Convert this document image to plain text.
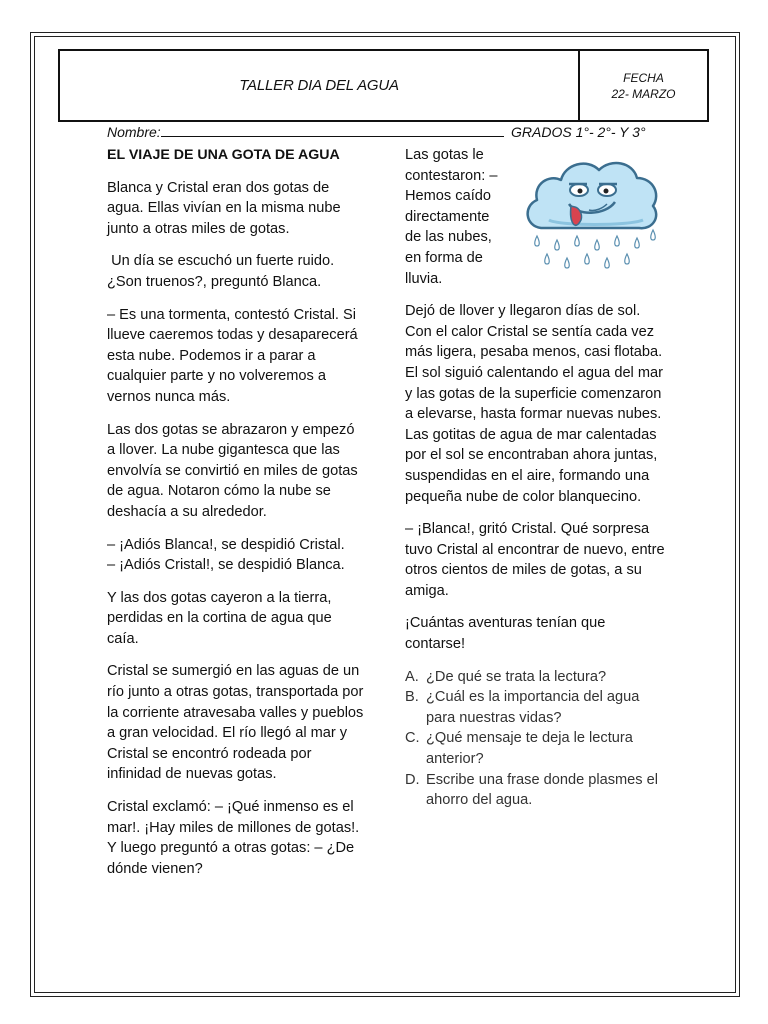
TALLER DIA DEL AGUA	FECHA
22- MARZO
Nombre:	GRADOS 1°- 2°- Y 3°

EL VIAJE DE UNA GOTA DE AGUA

Blanca y Cristal eran dos gotas de agua. Ellas vivían en la misma nube junto a otras miles de gotas.

Un día se escuchó un fuerte ruido.  ¿Son truenos?, preguntó Blanca.

– Es una tormenta, contestó Cristal. Si llueve caeremos todas y desaparecerá esta nube. Podemos ir a parar a cualquier parte y no volveremos a vernos nunca más.

Las dos gotas se abrazaron y empezó a llover. La nube gigantesca que las envolvía se convirtió en miles de gotas de agua. Notaron cómo la nube se deshacía a su alrededor.

– ¡Adiós Blanca!, se despidió Cristal.

– ¡Adiós Cristal!, se despidió Blanca.

Y las dos gotas cayeron a la tierra, perdidas en la cortina de agua que caía.

Cristal se sumergió en las aguas de un río junto a otras gotas, transportada por la corriente atravesaba valles y pueblos a gran velocidad. El río llegó al mar y Cristal se encontró rodeada por infinidad de nuevas gotas.

Cristal exclamó: – ¡Qué inmenso es el mar!. ¡Hay miles de millones de gotas!. Y luego preguntó a otras gotas: – ¿De dónde vienen?

Las gotas le contestaron: – Hemos caído directamente de las nubes, en forma de lluvia.

Dejó de llover y llegaron días de sol. Con el calor Cristal se sentía cada vez más ligera, pesaba menos, casi flotaba. El sol siguió calentando el agua del mar y las gotas de la superficie comenzaron a elevarse, hasta formar nuevas nubes. Las gotitas de agua de mar calentadas por el sol se encontraban ahora juntas, suspendidas en el aire, formando una pequeña nube de color blanquecino.

– ¡Blanca!, gritó Cristal. Qué sorpresa tuvo Cristal al encontrar de nuevo, entre otros cientos de miles de gotas, a su amiga.

¡Cuántas aventuras tenían que contarse!

A. ¿De qué se trata la lectura?
B. ¿Cuál es la importancia del agua para nuestras vidas?
C. ¿Qué mensaje te deja le lectura anterior?
D. Escribe una frase donde plasmes el ahorro del agua.
